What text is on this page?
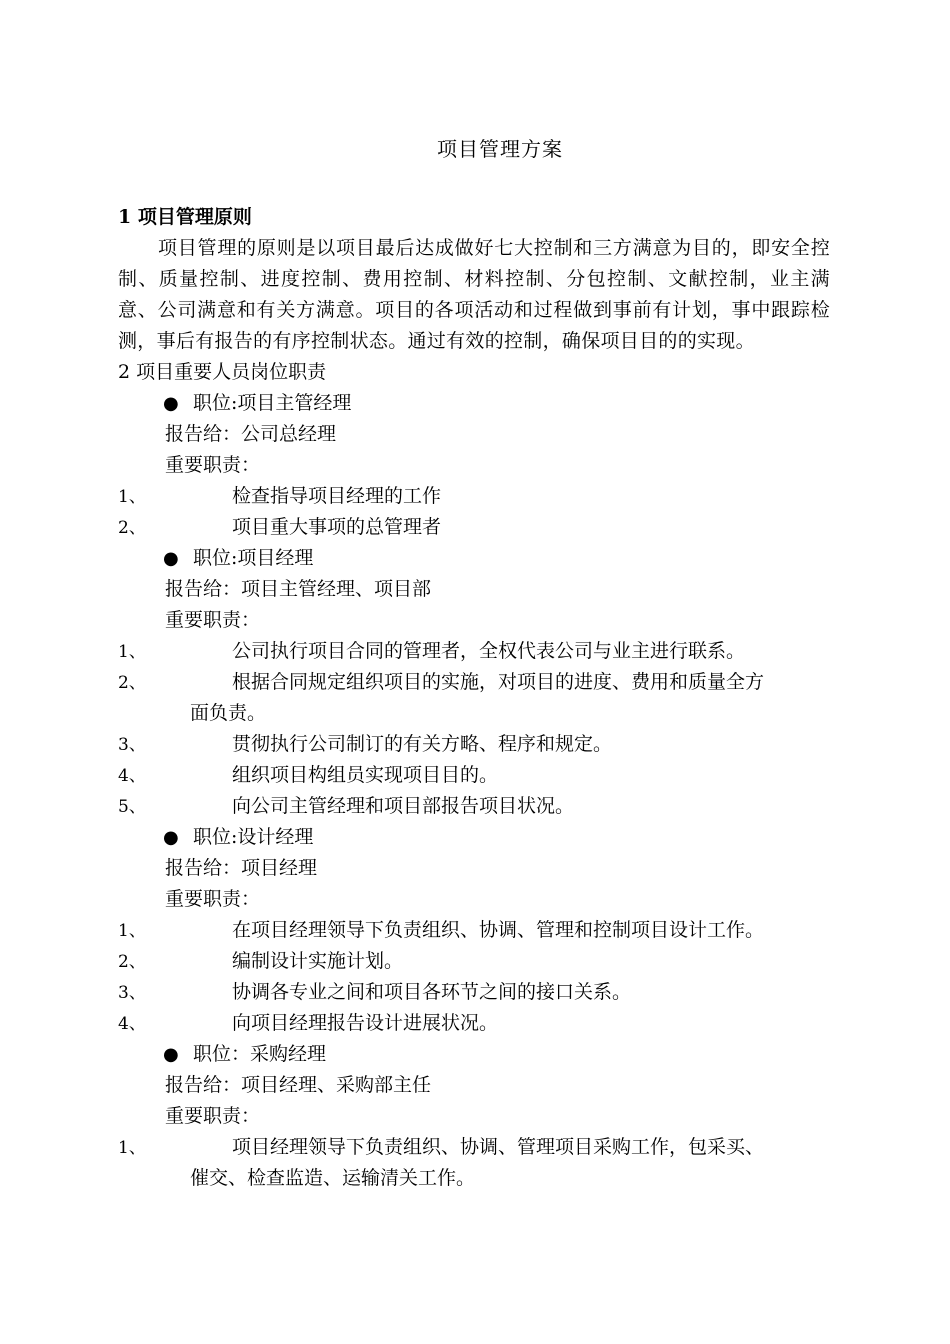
项目管理方案
1 项目管理原则
项目管理的原则是以项目最后达成做好七大控制和三方满意为目的，即安全控制、质量控制、进度控制、费用控制、材料控制、分包控制、文献控制，业主满意、公司满意和有关方满意。项目的各项活动和过程做到事前有计划，事中跟踪检测，事后有报告的有序控制状态。通过有效的控制，确保项目目的的实现。
2 项目重要人员岗位职责
● 职位:项目主管经理
报告给：公司总经理
重要职责：
1、	检查指导项目经理的工作
2、	项目重大事项的总管理者
● 职位:项目经理
报告给：项目主管经理、项目部
重要职责：
1、	公司执行项目合同的管理者，全权代表公司与业主进行联系。
2、	根据合同规定组织项目的实施，对项目的进度、费用和质量全方
面负责。
3、	贯彻执行公司制订的有关方略、程序和规定。
4、	组织项目构组员实现项目目的。
5、	向公司主管经理和项目部报告项目状况。
● 职位:设计经理
报告给：项目经理
重要职责：
1、	在项目经理领导下负责组织、协调、管理和控制项目设计工作。
2、	编制设计实施计划。
3、	协调各专业之间和项目各环节之间的接口关系。
4、	向项目经理报告设计进展状况。
● 职位：采购经理
报告给：项目经理、采购部主任
重要职责：
1、	项目经理领导下负责组织、协调、管理项目采购工作，包采买、
催交、检查监造、运输清关工作。
